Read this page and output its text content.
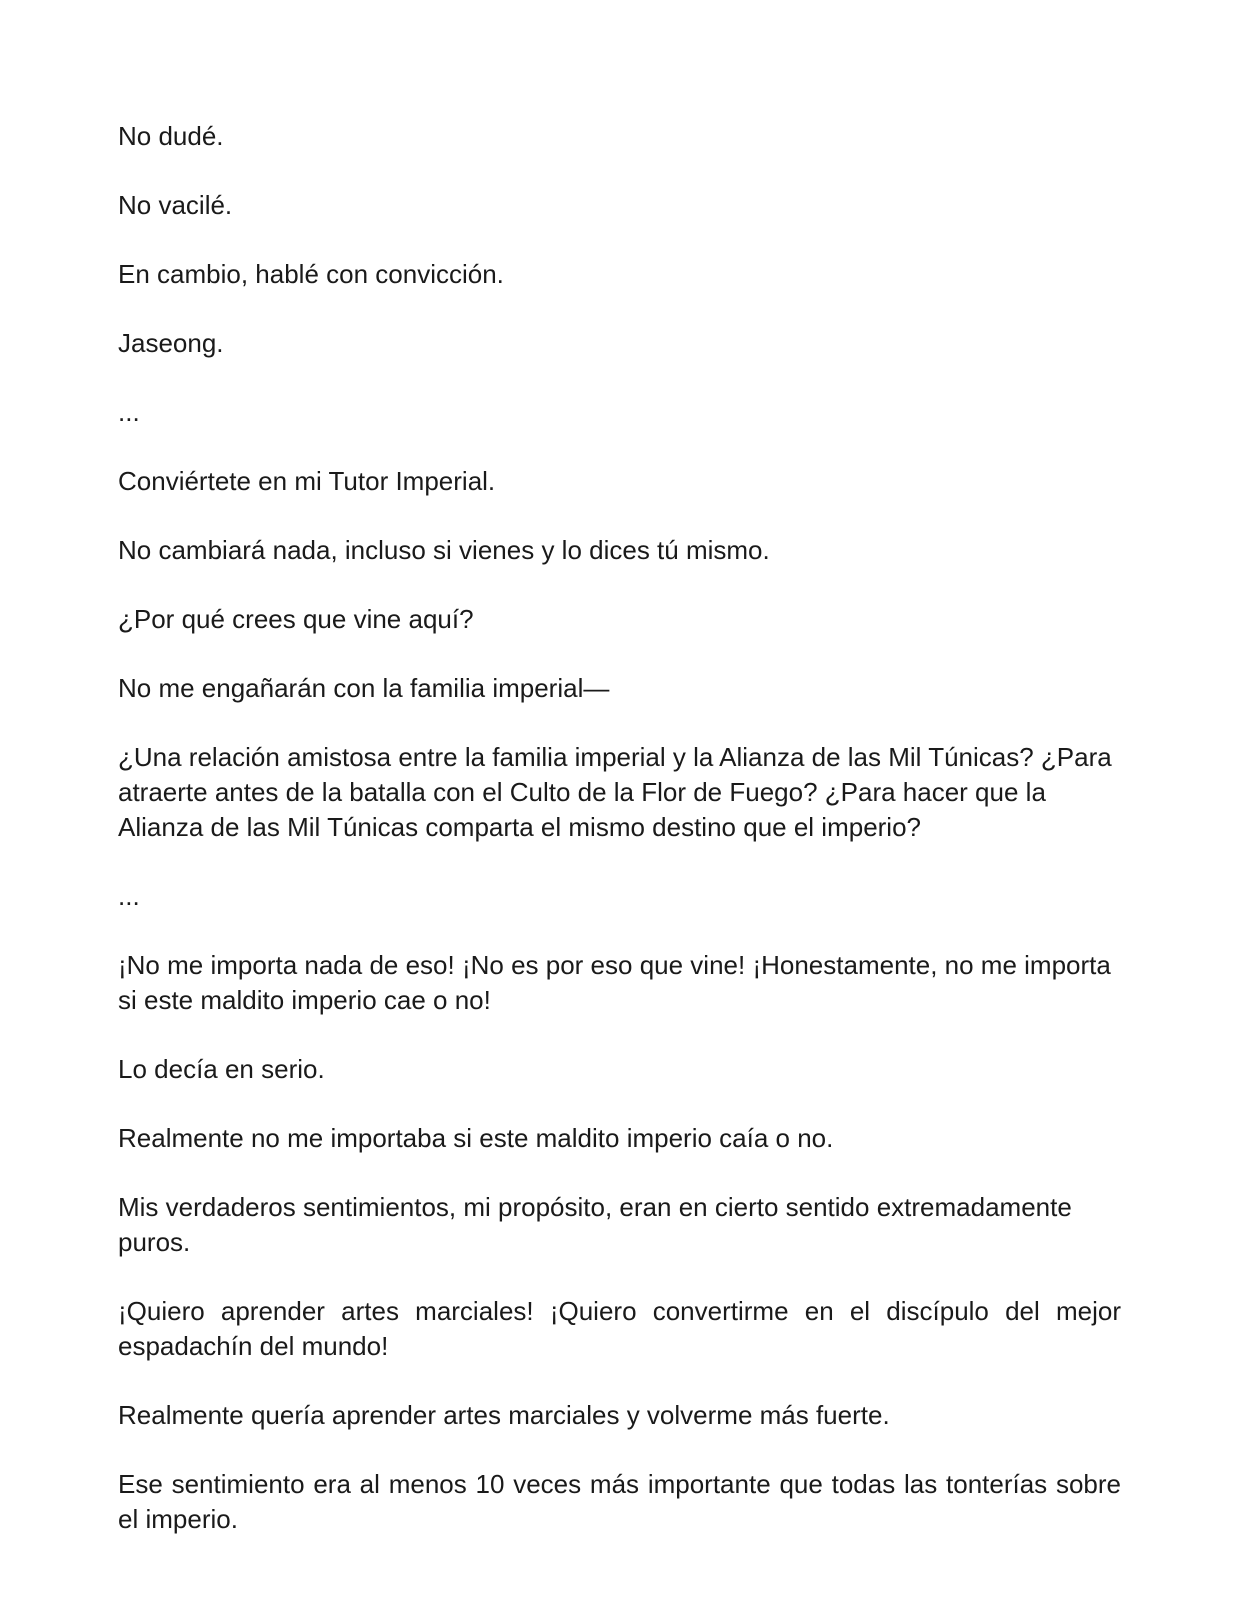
No dudé.

No vacilé.

En cambio, hablé con convicción.

Jaseong.

...

Conviértete en mi Tutor Imperial.

No cambiará nada, incluso si vienes y lo dices tú mismo.

¿Por qué crees que vine aquí?

No me engañarán con la familia imperial—

¿Una relación amistosa entre la familia imperial y la Alianza de las Mil Túnicas? ¿Para atraerte antes de la batalla con el Culto de la Flor de Fuego? ¿Para hacer que la Alianza de las Mil Túnicas comparta el mismo destino que el imperio?

...

¡No me importa nada de eso! ¡No es por eso que vine! ¡Honestamente, no me importa si este maldito imperio cae o no!

Lo decía en serio.

Realmente no me importaba si este maldito imperio caía o no.

Mis verdaderos sentimientos, mi propósito, eran en cierto sentido extremadamente puros.

¡Quiero aprender artes marciales! ¡Quiero convertirme en el discípulo del mejor espadachín del mundo!

Realmente quería aprender artes marciales y volverme más fuerte.

Ese sentimiento era al menos 10 veces más importante que todas las tonterías sobre el imperio.
